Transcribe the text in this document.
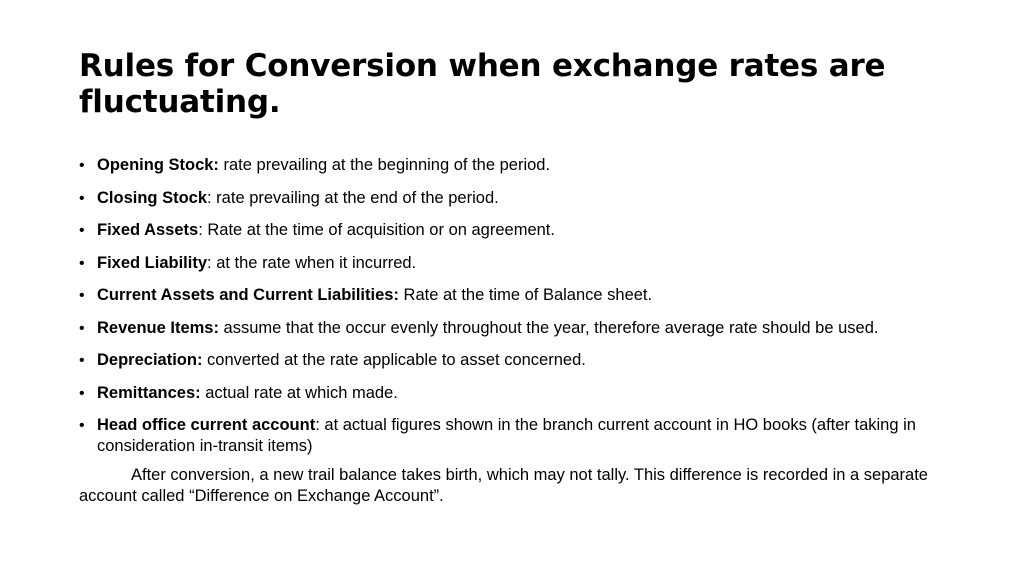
Rules for Conversion when exchange rates are fluctuating.
• Opening Stock: rate prevailing at the beginning of the period.
• Closing Stock: rate prevailing at the end of the period.
• Fixed Assets: Rate at the time of acquisition or on agreement.
• Fixed Liability: at the rate when it incurred.
• Current Assets and Current Liabilities: Rate at the time of Balance sheet.
• Revenue Items: assume that the occur evenly throughout the year, therefore average rate should be used.
• Depreciation: converted at the rate applicable to asset concerned.
• Remittances: actual rate at which made.
• Head office current account: at actual figures shown in the branch current account in HO books (after taking in consideration in-transit items)

After conversion, a new trail balance takes birth, which may not tally. This difference is recorded in a separate account called “Difference on Exchange Account”.
